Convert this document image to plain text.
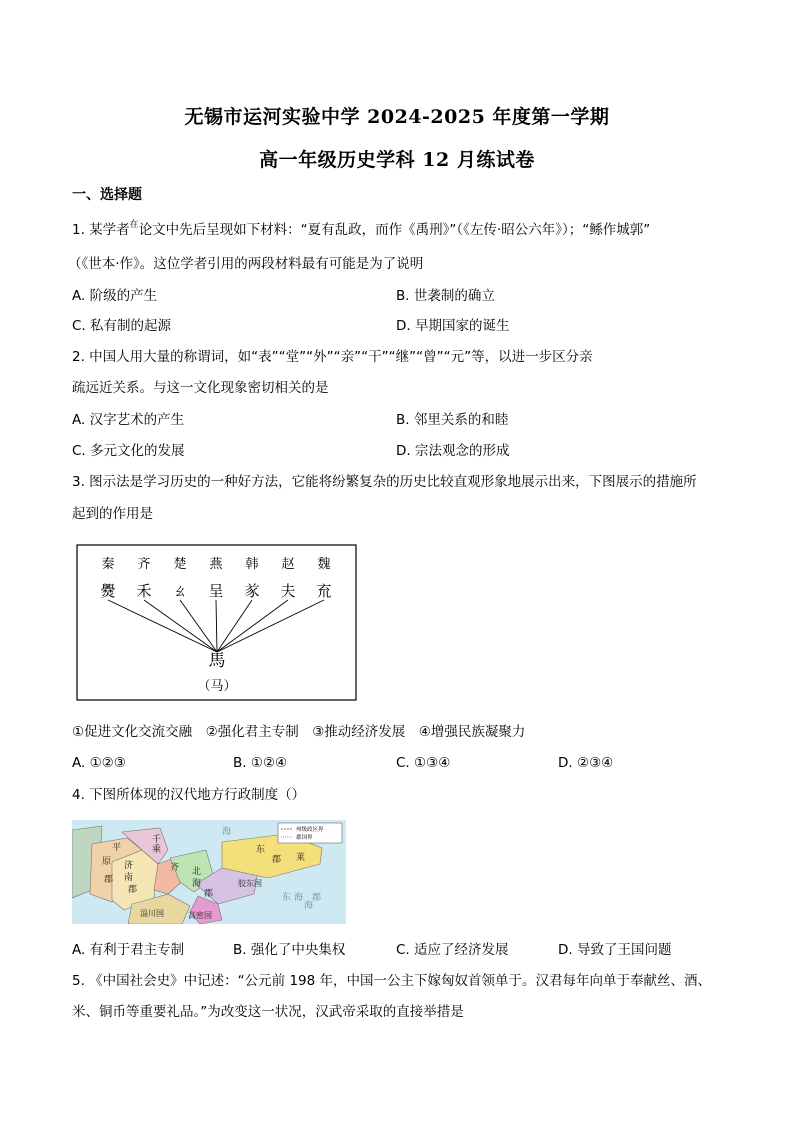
无锡市运河实验中学 2024-2025 年度第一学期
高一年级历史学科 12 月练试卷
一、选择题
1. 某学者$^在$论文中先后呈现如下材料：“夏有乱政，而作《禹刑》”（《左传·昭公六年》）；“鲧作城郭”
（《世本·作》。这位学者引用的两段材料最有可能是为了说明
A. 阶级的产生	B. 世袭制的确立
C. 私有制的起源	D. 早期国家的诞生
2. 中国人用大量的称谓词，如“表”“堂”“外”“亲”“干”“继”“曾”“元”等，以进一步区分亲
疏远近关系。与这一文化现象密切相关的是
A. 汉字艺术的产生	B. 邻里关系的和睦
C. 多元文化的发展	D. 宗法观念的形成
3. 图示法是学习历史的一种好方法，它能将纷繁复杂的历史比较直观形象地展示出来，下图展示的措施所
起到的作用是
秦 齐 楚 燕 韩 赵 魏
㸑 禾 ㄠ 呈 㒸 夫 㐬
馬
（马）
①促进文化交流交融　②强化君主专制　③推动经济发展　④增强民族凝聚力
A. ①②③	B. ①②④	C. ①③④	D. ②③④
4. 下图所体现的汉代地方行政制度（）
州级政区界
郡国界
海
海
平
千
乘
原 济
南
郡
郡
齐 北
海
郡
东
莱
郡
胶东国
淄川国	高密国
东 海 郡
A. 有利于君主专制	B. 强化了中央集权	C. 适应了经济发展	D. 导致了王国问题
5. 《中国社会史》中记述：“公元前 198 年，中国一公主下嫁匈奴首领单于。汉君每年向单于奉献丝、酒、
米、铜币等重要礼品。”为改变这一状况，汉武帝采取的直接举措是
